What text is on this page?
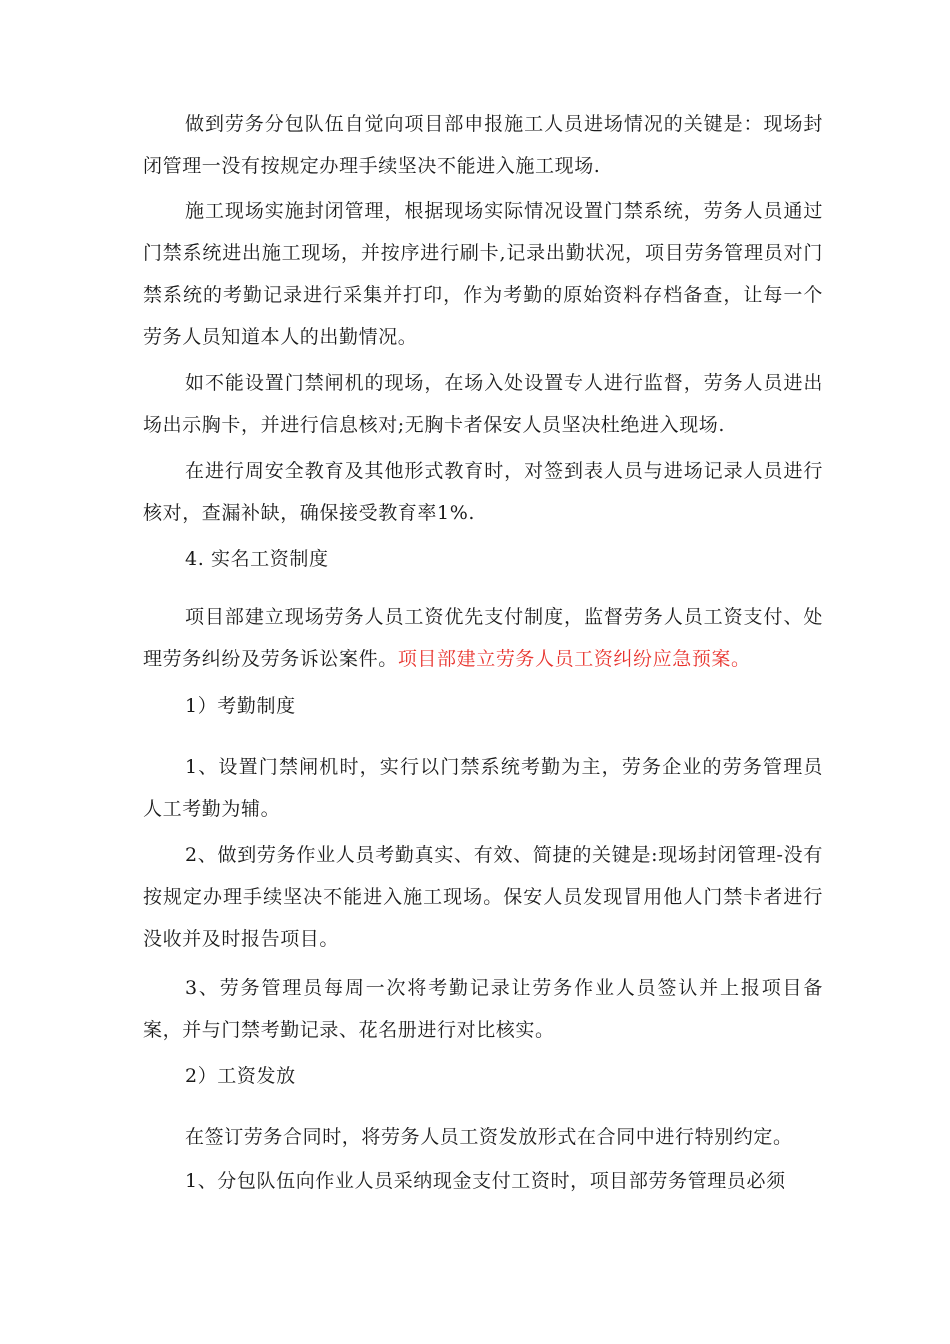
做到劳务分包队伍自觉向项目部申报施工人员进场情况的关键是：现场封闭管理一没有按规定办理手续坚决不能进入施工现场.

施工现场实施封闭管理，根据现场实际情况设置门禁系统，劳务人员通过门禁系统进出施工现场，并按序进行刷卡,记录出勤状况，项目劳务管理员对门禁系统的考勤记录进行采集并打印，作为考勤的原始资料存档备查，让每一个劳务人员知道本人的出勤情况。

如不能设置门禁闸机的现场，在场入处设置专人进行监督，劳务人员进出场出示胸卡，并进行信息核对;无胸卡者保安人员坚决杜绝进入现场.

在进行周安全教育及其他形式教育时，对签到表人员与进场记录人员进行核对，查漏补缺，确保接受教育率1%.

4. 实名工资制度

项目部建立现场劳务人员工资优先支付制度，监督劳务人员工资支付、处理劳务纠纷及劳务诉讼案件。项目部建立劳务人员工资纠纷应急预案。

1）考勤制度

1、设置门禁闸机时，实行以门禁系统考勤为主，劳务企业的劳务管理员人工考勤为辅。

2、做到劳务作业人员考勤真实、有效、简捷的关键是:现场封闭管理-没有按规定办理手续坚决不能进入施工现场。保安人员发现冒用他人门禁卡者进行没收并及时报告项目。

3、劳务管理员每周一次将考勤记录让劳务作业人员签认并上报项目备案，并与门禁考勤记录、花名册进行对比核实。

2）工资发放

在签订劳务合同时，将劳务人员工资发放形式在合同中进行特别约定。

1、分包队伍向作业人员采纳现金支付工资时，项目部劳务管理员必须
